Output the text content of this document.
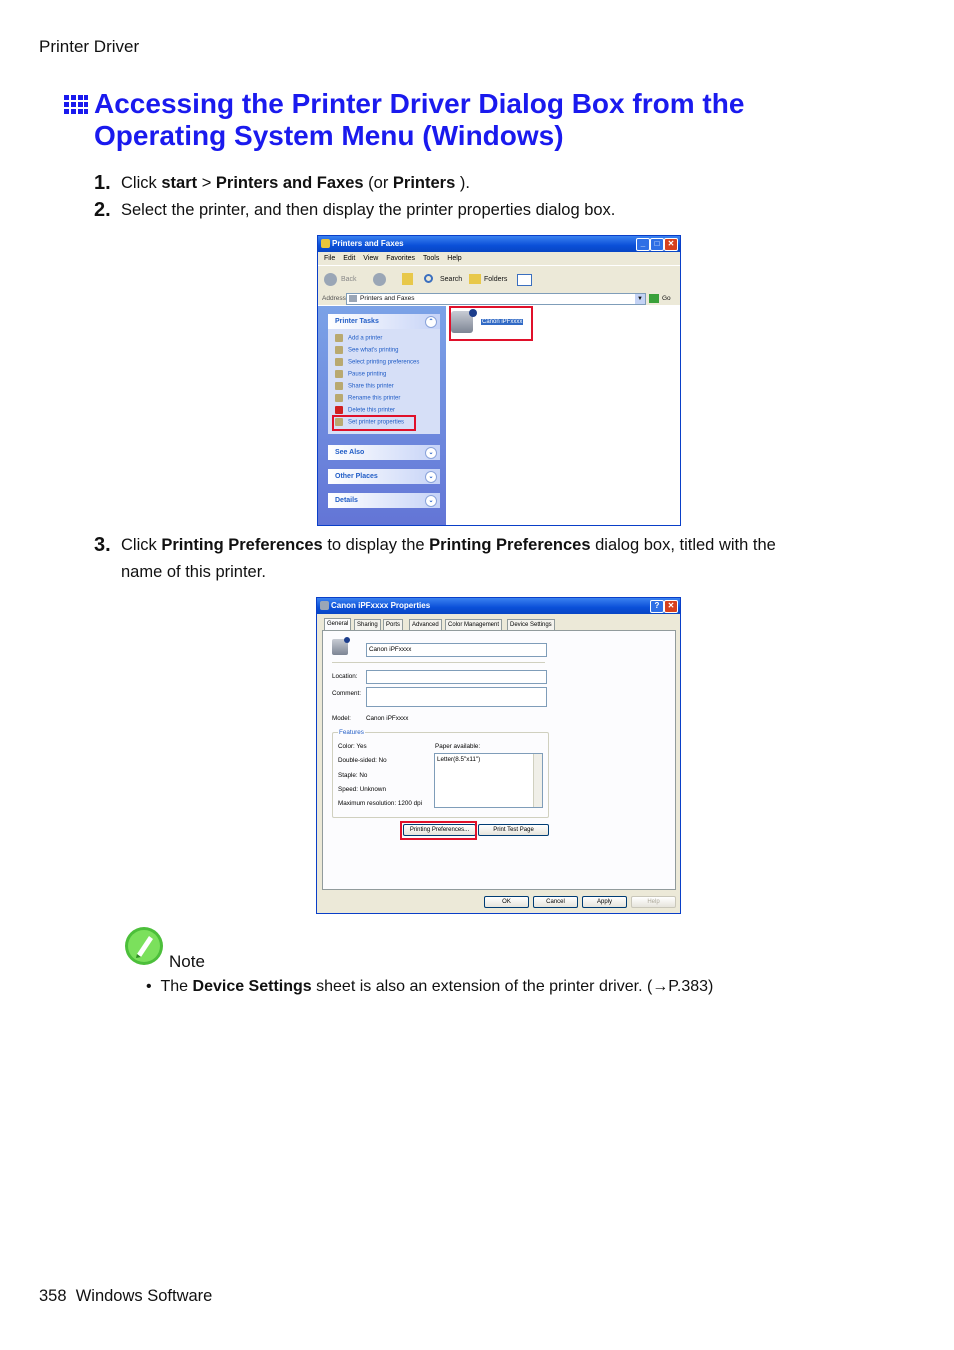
Printer Driver
Accessing the Printer Driver Dialog Box from the
Operating System Menu (Windows)
1. Click start > Printers and Faxes (or Printers ).
2. Select the printer, and then display the printer properties dialog box.
Printers and Faxes	_	□	✕
File Edit View Favorites Tools Help
Back	Search	Folders
Address Printers and Faxes	▼	Go
Printer Tasks	⌃
Add a printer
See what's printing
Select printing preferences
Pause printing
Share this printer
Rename this printer
Delete this printer
Set printer properties
See Also	⌄
Other Places	⌄
Details	⌄
Canon iPFxxxx
3. Click Printing Preferences to display the Printing Preferences dialog box, titled with the
name of this printer.
Canon iPFxxxx Properties	?	✕
General	Sharing	Ports	Advanced	Color Management	Device Settings
Canon iPFxxxx
Location:
Comment:
Model: Canon iPFxxxx
Features
Color: Yes
Double-sided: No
Staple: No
Speed: Unknown
Maximum resolution: 1200 dpi
Paper available:
Letter(8.5"x11")
Printing Preferences...	Print Test Page
OK	Cancel	Apply	Help
Note
•  The Device Settings sheet is also an extension of the printer driver. (→P.383)
358 Windows Software
